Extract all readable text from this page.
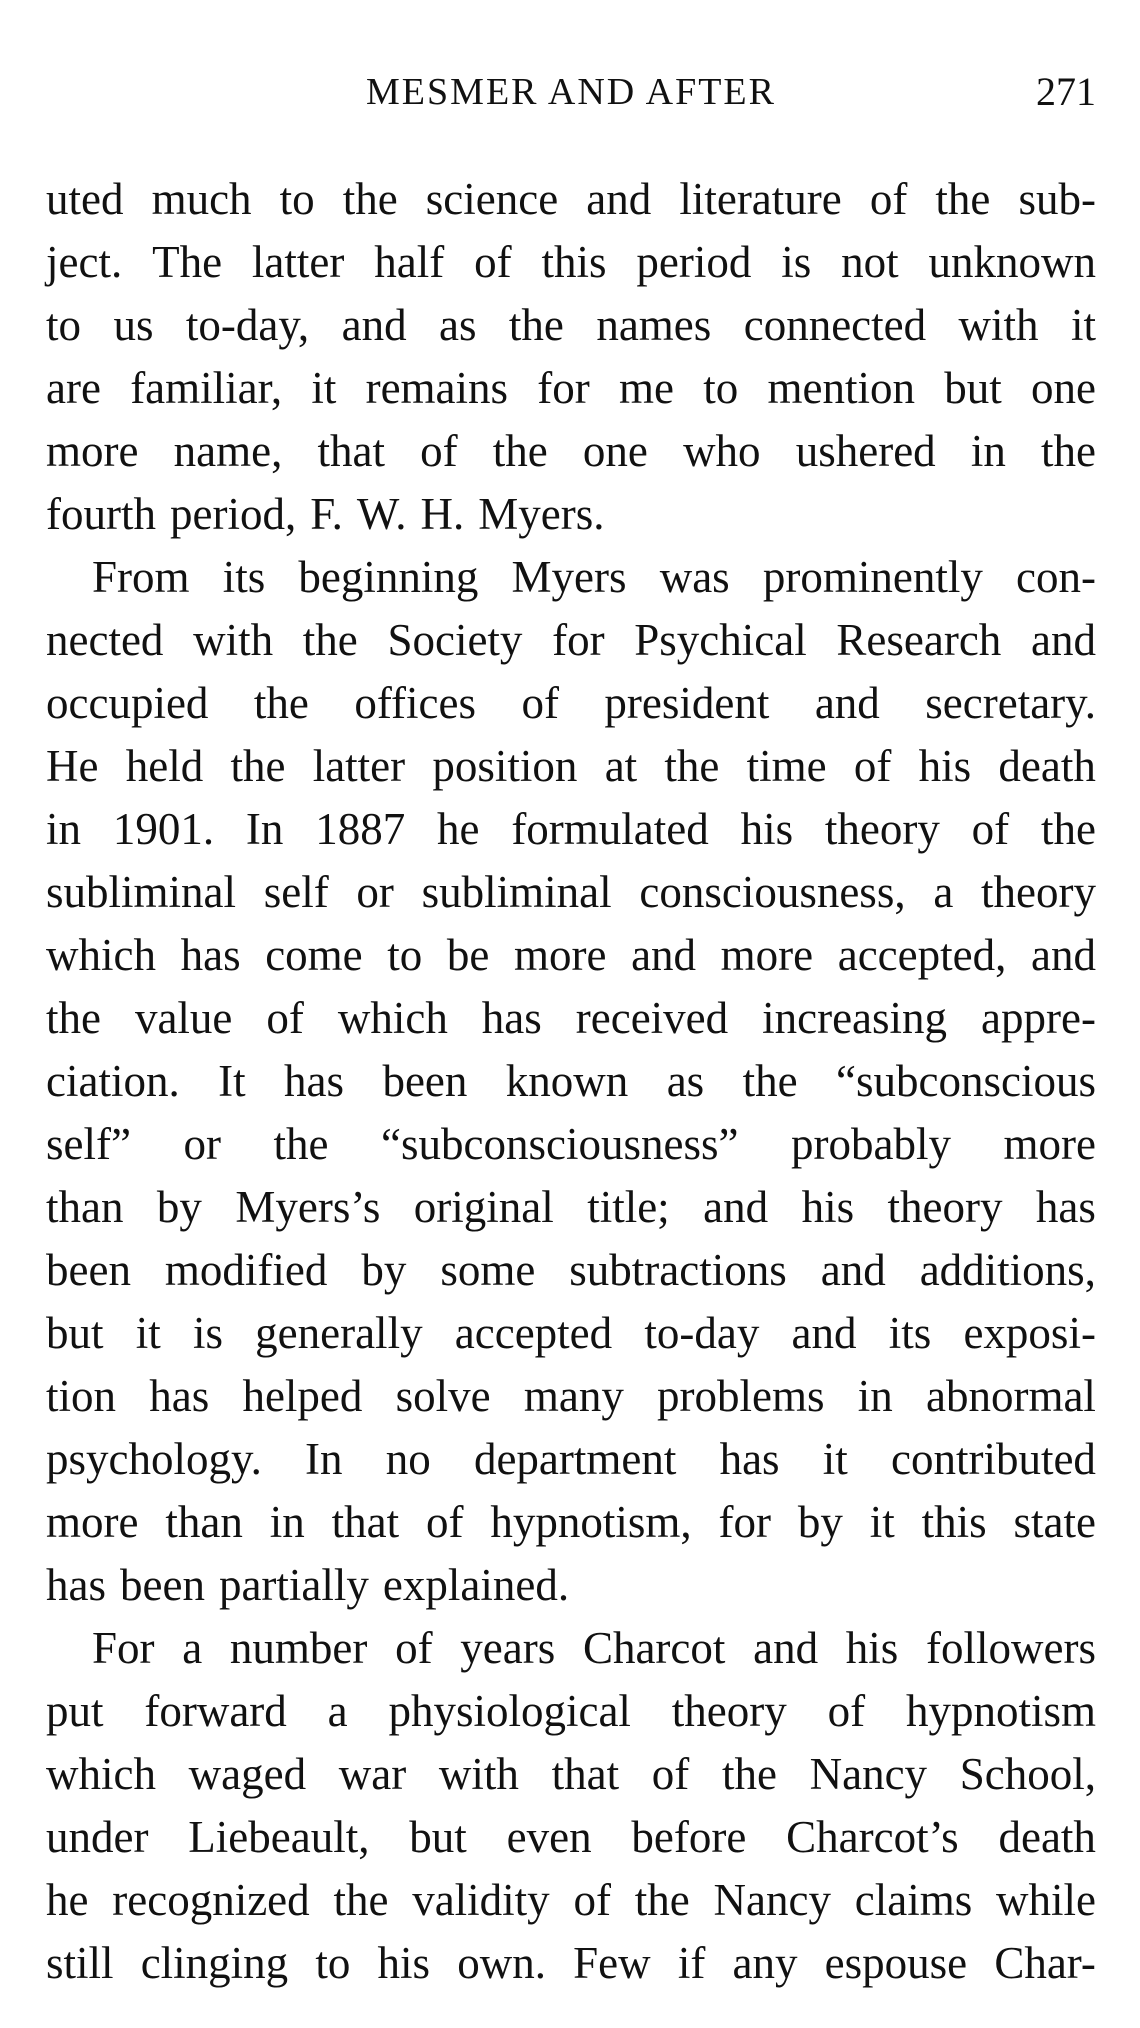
MESMER AND AFTER	271
uted much to the science and literature of the sub-
ject. The latter half of this period is not unknown
to us to-day, and as the names connected with it
are familiar, it remains for me to mention but one
more name, that of the one who ushered in the
fourth period, F. W. H. Myers.
From its beginning Myers was prominently con-
nected with the Society for Psychical Research and
occupied the offices of president and secretary.
He held the latter position at the time of his death
in 1901. In 1887 he formulated his theory of the
subliminal self or subliminal consciousness, a theory
which has come to be more and more accepted, and
the value of which has received increasing appre-
ciation. It has been known as the “subconscious
self” or the “subconsciousness” probably more
than by Myers’s original title; and his theory has
been modified by some subtractions and additions,
but it is generally accepted to-day and its exposi-
tion has helped solve many problems in abnormal
psychology. In no department has it contributed
more than in that of hypnotism, for by it this state
has been partially explained.
For a number of years Charcot and his followers
put forward a physiological theory of hypnotism
which waged war with that of the Nancy School,
under Liebeault, but even before Charcot’s death
he recognized the validity of the Nancy claims while
still clinging to his own. Few if any espouse Char-
